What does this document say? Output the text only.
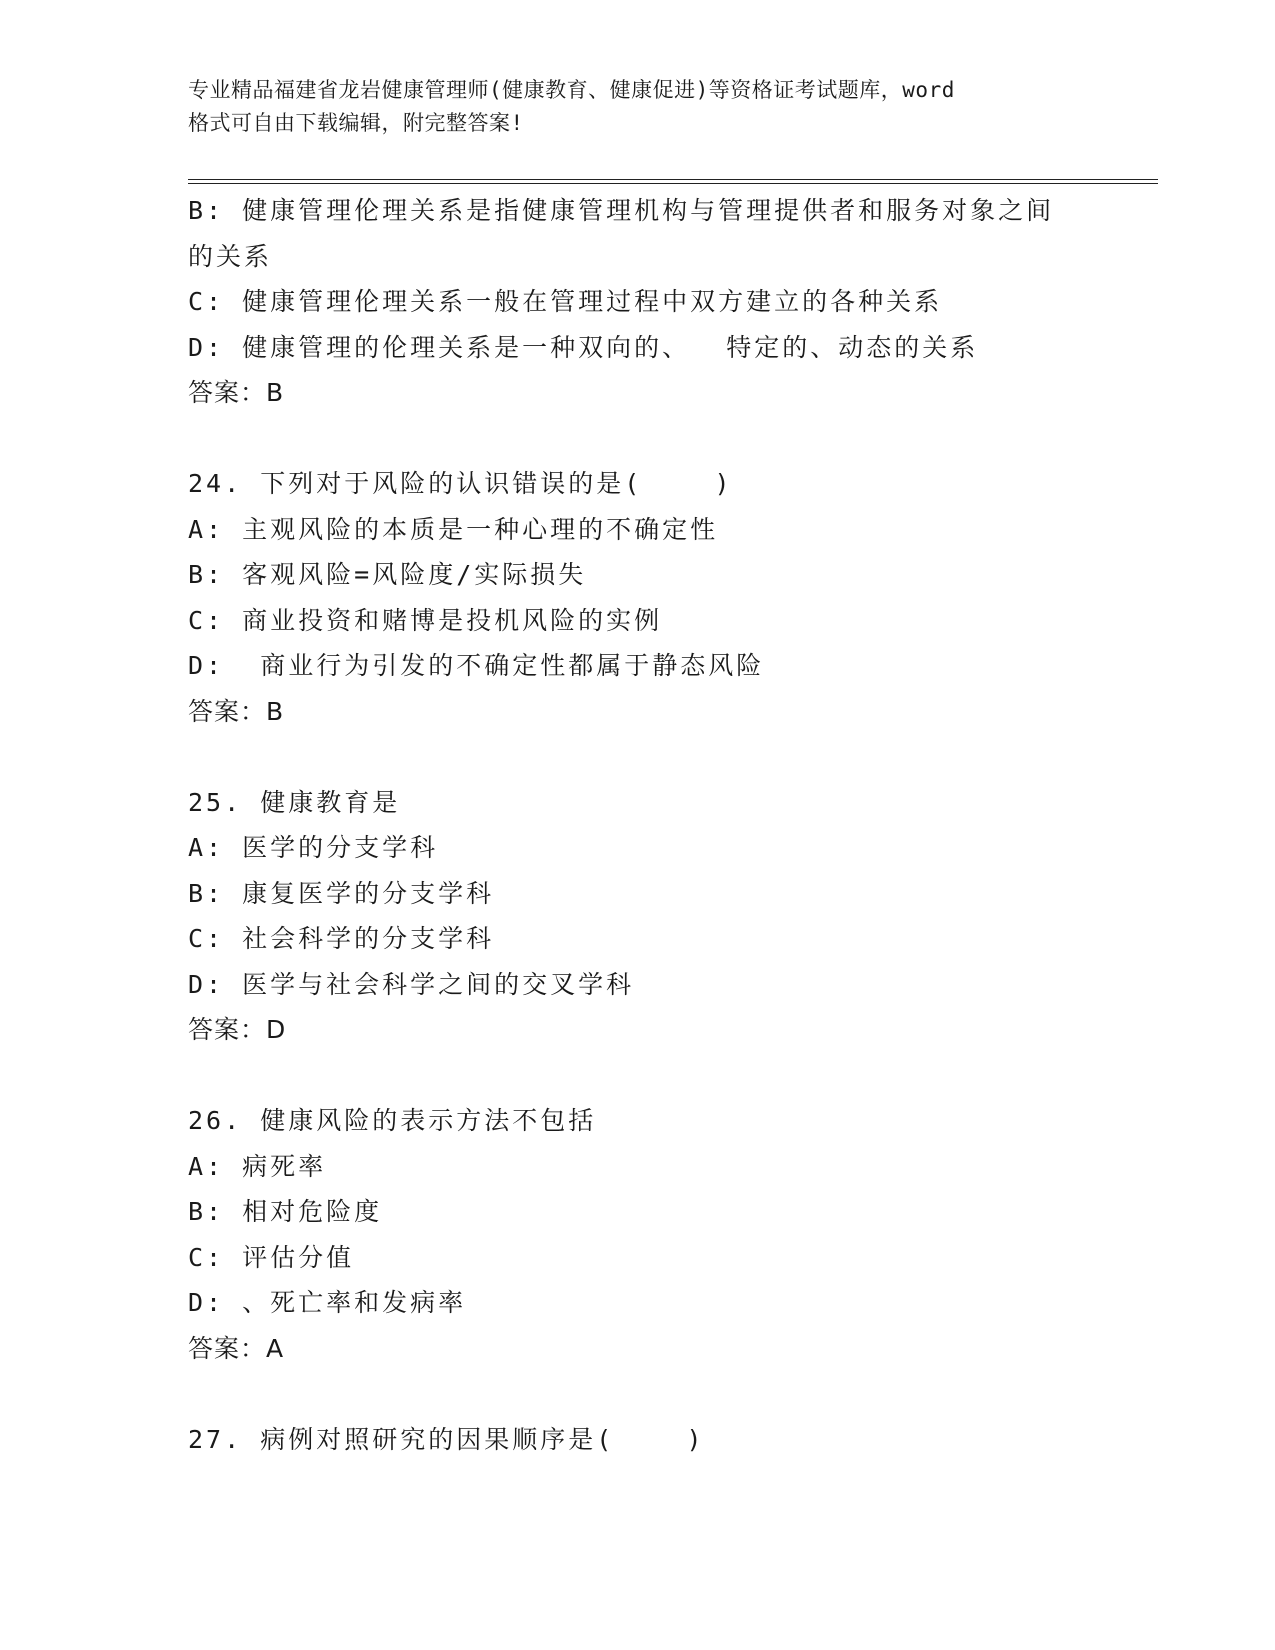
专业精品福建省龙岩健康管理师(健康教育、健康促进)等资格证考试题库，word
格式可自由下载编辑，附完整答案!
B: 健康管理伦理关系是指健康管理机构与管理提供者和服务对象之间
的关系
C: 健康管理伦理关系一般在管理过程中双方建立的各种关系
D: 健康管理的伦理关系是一种双向的、  特定的、动态的关系
答案：B
24. 下列对于风险的认识错误的是(    )
A: 主观风险的本质是一种心理的不确定性
B: 客观风险=风险度/实际损失
C: 商业投资和赌博是投机风险的实例
D:  商业行为引发的不确定性都属于静态风险
答案：B
25. 健康教育是
A: 医学的分支学科
B: 康复医学的分支学科
C: 社会科学的分支学科
D: 医学与社会科学之间的交叉学科
答案：D
26. 健康风险的表示方法不包括
A: 病死率
B: 相对危险度
C: 评估分值
D: 、死亡率和发病率
答案：A
27. 病例对照研究的因果顺序是(    )
